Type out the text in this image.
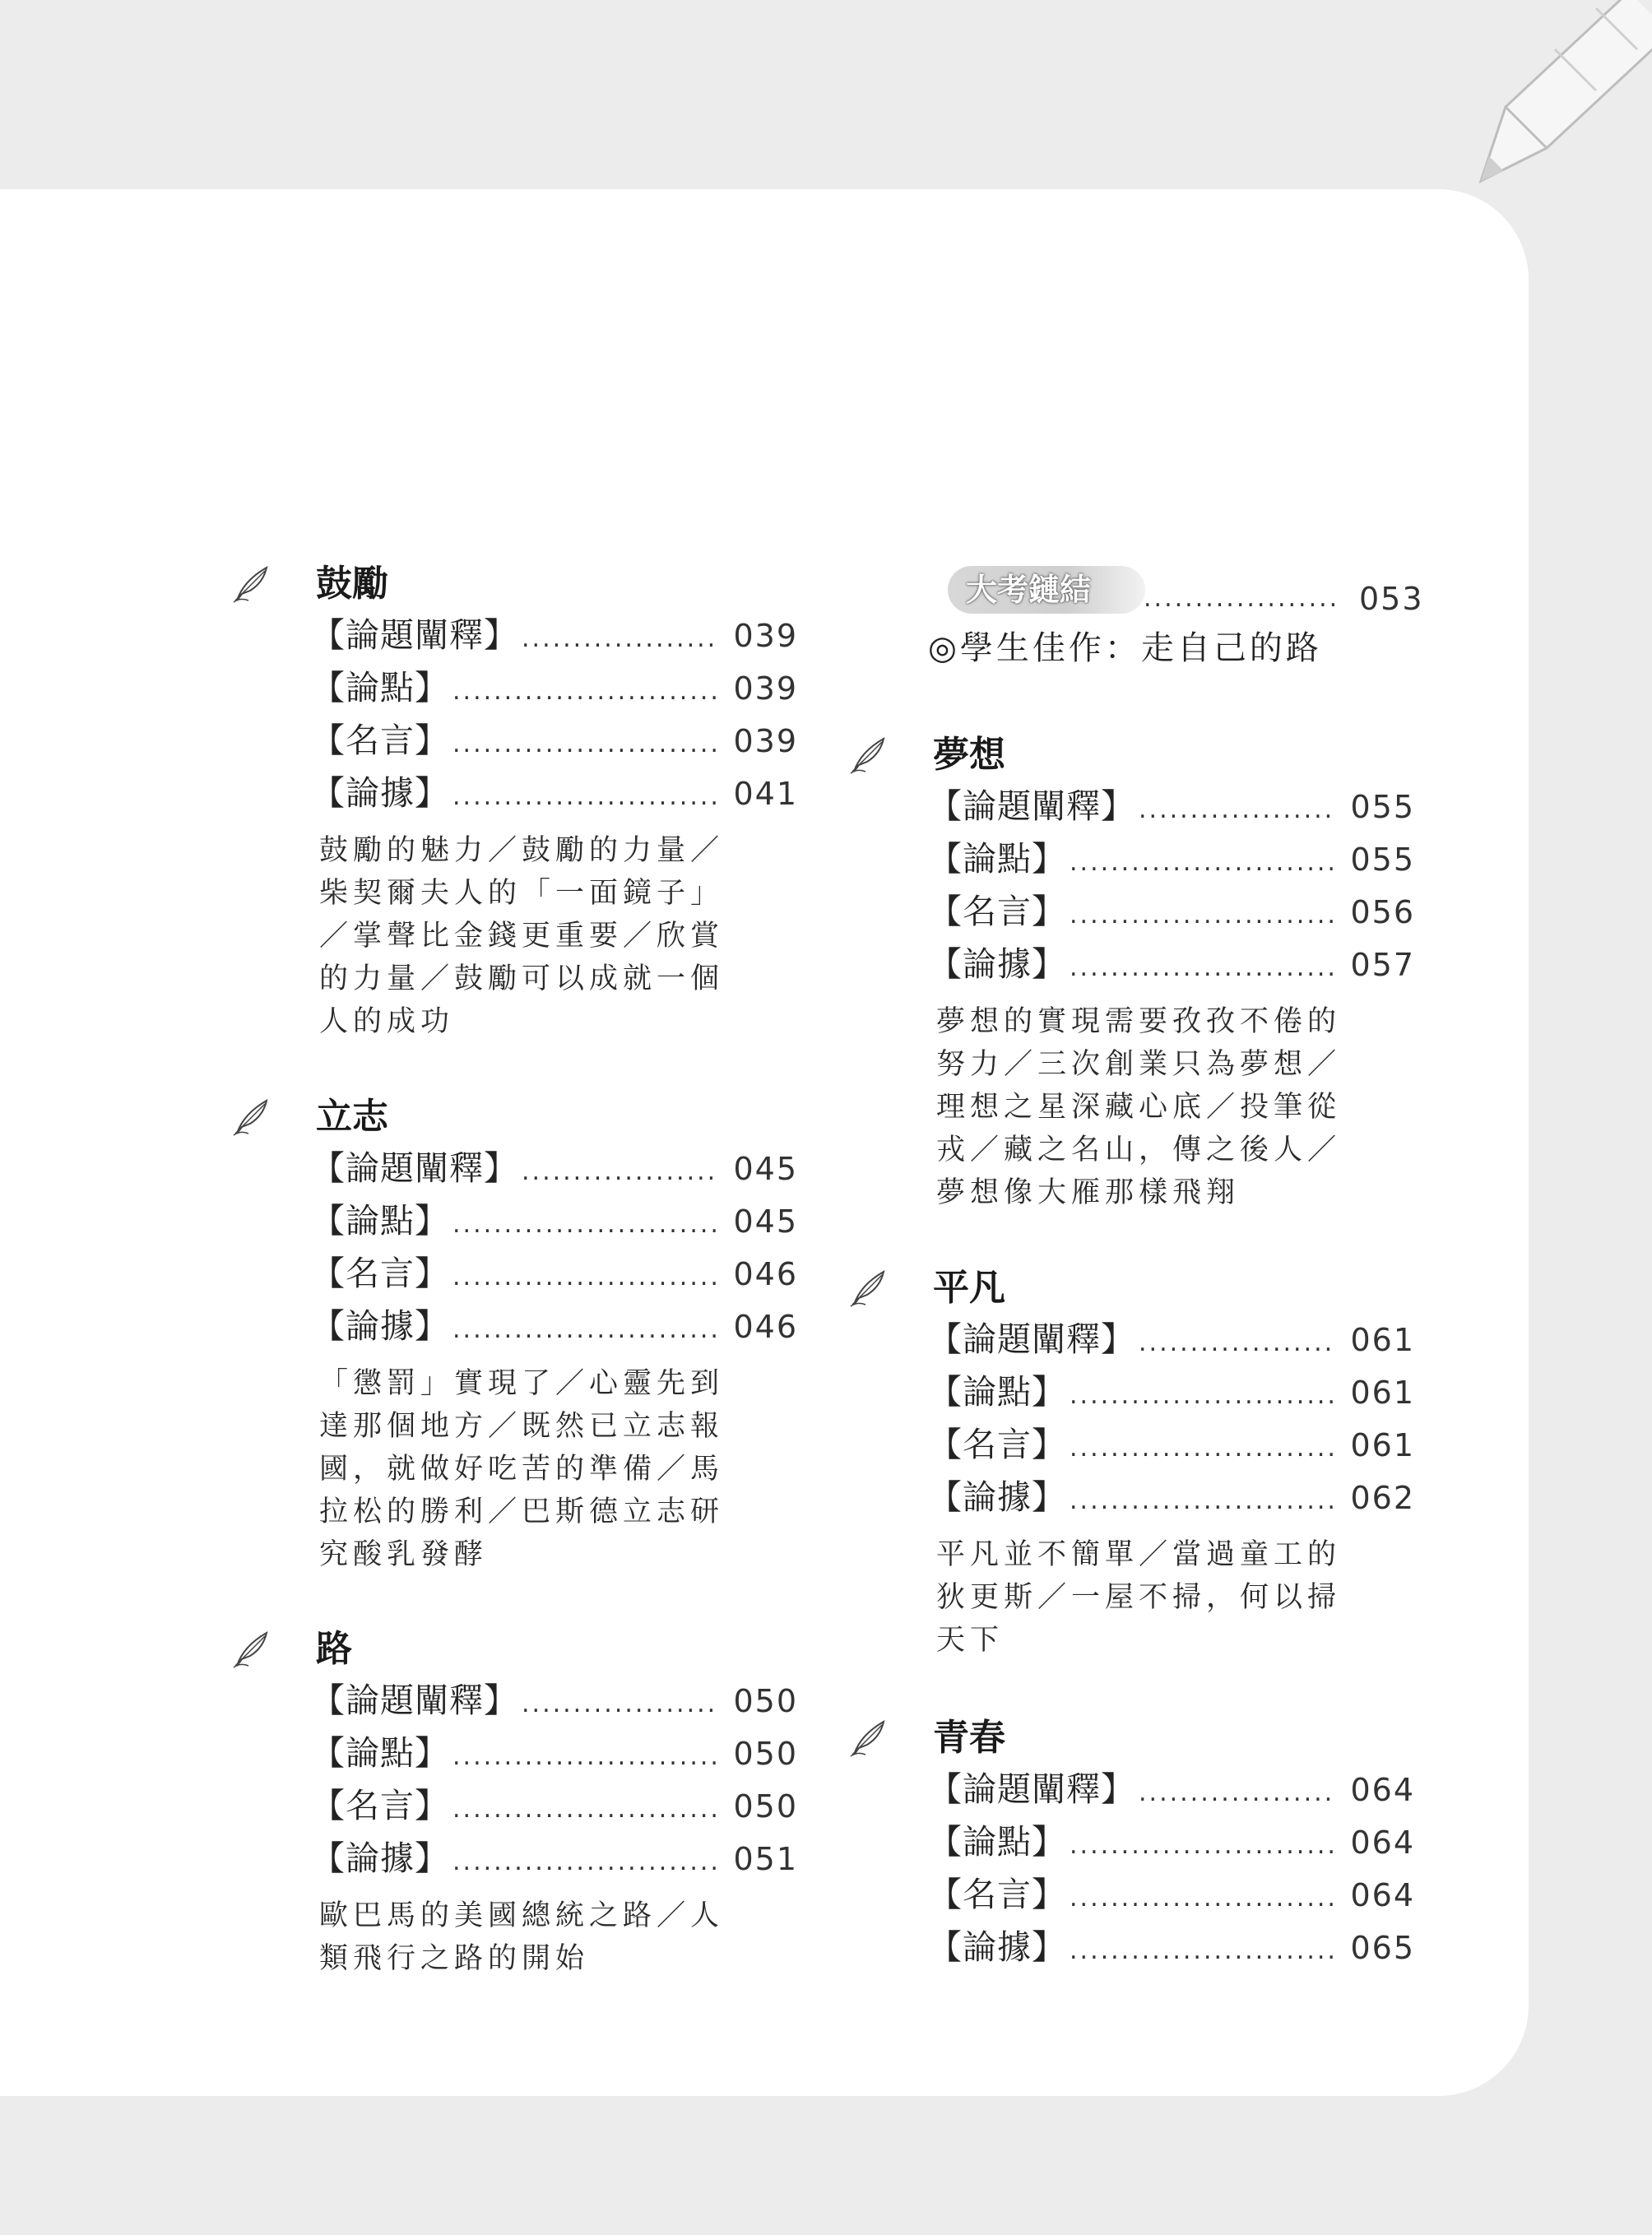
鼓勵
【論題闡釋】 ................... 039
【論點】 .......................... 039
【名言】 .......................... 039
【論據】 .......................... 041
鼓勵的魅力／鼓勵的力量／柴契爾夫人的「一面鏡子」／掌聲比金錢更重要／欣賞的力量／鼓勵可以成就一個人的成功
立志
【論題闡釋】 ................... 045
【論點】 .......................... 045
【名言】 .......................... 046
【論據】 .......................... 046
「懲罰」實現了／心靈先到達那個地方／既然已立志報國，就做好吃苦的準備／馬拉松的勝利／巴斯德立志研究酸乳發酵
路
【論題闡釋】 ................... 050
【論點】 .......................... 050
【名言】 .......................... 050
【論據】 .......................... 051
歐巴馬的美國總統之路／人類飛行之路的開始
大考鏈結	................... 053
◎學生佳作：走自己的路
夢想
【論題闡釋】 ................... 055
【論點】 .......................... 055
【名言】 .......................... 056
【論據】 .......................... 057
夢想的實現需要孜孜不倦的努力／三次創業只為夢想／理想之星深藏心底／投筆從戎／藏之名山，傳之後人／夢想像大雁那樣飛翔
平凡
【論題闡釋】 ................... 061
【論點】 .......................... 061
【名言】 .......................... 061
【論據】 .......................... 062
平凡並不簡單／當過童工的狄更斯／一屋不掃，何以掃天下
青春
【論題闡釋】 ................... 064
【論點】 .......................... 064
【名言】 .......................... 064
【論據】 .......................... 065
